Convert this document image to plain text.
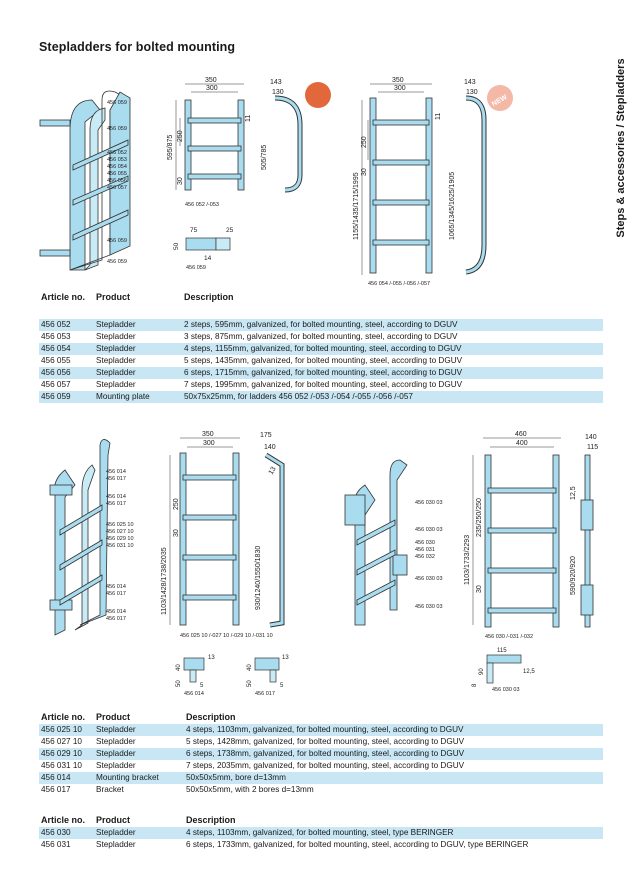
Stepladders for bolted mounting
Steps & accessories / Stepladders
456 059
456 059
456 052
456 053
456 054
456 055
456 056
456 057
456 059
456 059
350
300
595/875 250
30
11
143
130
505/785
456 052 /-053
75	25
50
14
456 059
350
300
1155/1435/1715/1995
250
30
11
143
130
1065/1345/1625/1905
456 054 /-055 /-056 /-057
NEW
Article no. Product	Description
456 052	Stepladder	2 steps, 595mm, galvanized, for bolted mounting, steel, according to DGUV
456 053	Stepladder	3 steps, 875mm, galvanized, for bolted mounting, steel, according to DGUV
456 054	Stepladder	4 steps, 1155mm, galvanized, for bolted mounting, steel, according to DGUV
456 055	Stepladder	5 steps, 1435mm, galvanized, for bolted mounting, steel, according to DGUV
456 056	Stepladder	6 steps, 1715mm, galvanized, for bolted mounting, steel, according to DGUV
456 057	Stepladder	7 steps, 1995mm, galvanized, for bolted mounting, steel, according to DGUV
456 059	Mounting plate	50x75x25mm, for ladders 456 052 /-053 /-054 /-055 /-056 /-057
456 014
456 017
456 014
456 017
456 025 10
456 027 10
456 029 10
456 031 10
456 014
456 017
456 014
456 017
350
300
1103/1428/1738/2035
250
30
175
140
13
930/1240/1550/1830
456 025 10 /-027 10 /-029 10 /-031 10
40
50	5
13
456 014
40
50	5
13
456 017
456 030 03
456 030 03
456 030
456 031
456 032
456 030 03
456 030 03
460
400
1103/1733/2293
235/250/250
30
140
115
12,5
590/920/920
456 030 /-031 /-032
115
90
8
12,5
456 030 03
Article no. Product	Description
456 025 10 Stepladder	4 steps, 1103mm, galvanized, for bolted mounting, steel, according to DGUV
456 027 10 Stepladder	5 steps, 1428mm, galvanized, for bolted mounting, steel, according to DGUV
456 029 10 Stepladder	6 steps, 1738mm, galvanized, for bolted mounting, steel, according to DGUV
456 031 10 Stepladder	7 steps, 2035mm, galvanized, for bolted mounting, steel, according to DGUV
456 014	Mounting bracket	50x50x5mm, bore d=13mm
456 017	Bracket	50x50x5mm, with 2 bores d=13mm
Article no. Product	Description
456 030	Stepladder	4 steps, 1103mm, galvanized, for bolted mounting, steel, type BERINGER
456 031	Stepladder	6 steps, 1733mm, galvanized, for bolted mounting, steel, according to DGUV, type BERINGER
